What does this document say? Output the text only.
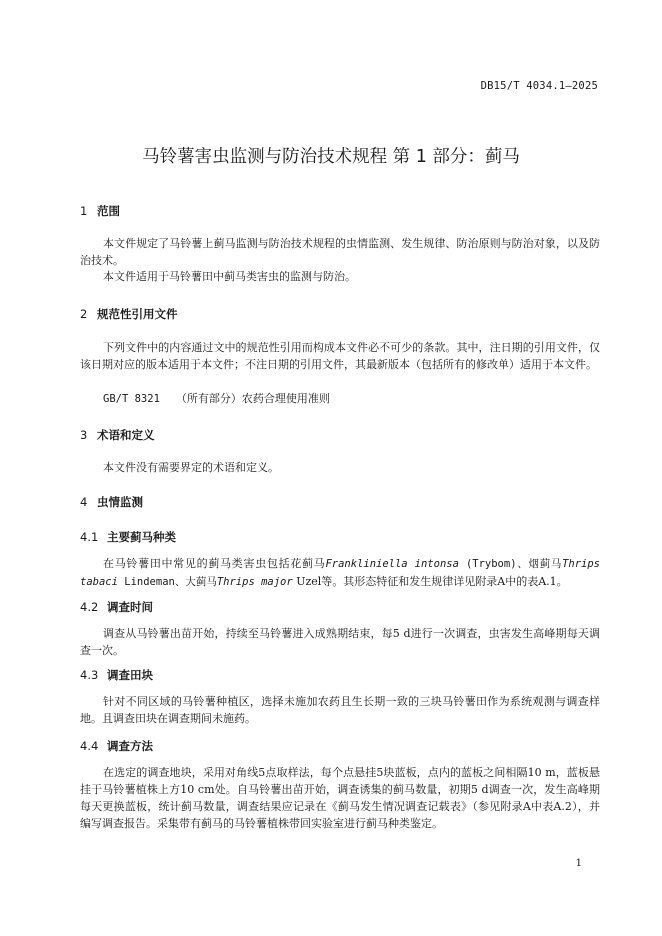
DB15/T 4034.1—2025
马铃薯害虫监测与防治技术规程 第 1 部分：蓟马
1 范围
本文件规定了马铃薯上蓟马监测与防治技术规程的虫情监测、发生规律、防治原则与防治对象，以及防治技术。
本文件适用于马铃薯田中蓟马类害虫的监测与防治。
2 规范性引用文件
下列文件中的内容通过文中的规范性引用而构成本文件必不可少的条款。其中，注日期的引用文件，仅该日期对应的版本适用于本文件；不注日期的引用文件，其最新版本（包括所有的修改单）适用于本文件。
GB/T 8321 （所有部分）农药合理使用准则
3 术语和定义
本文件没有需要界定的术语和定义。
4 虫情监测
4.1 主要蓟马种类
在马铃薯田中常见的蓟马类害虫包括花蓟马Frankliniella intonsa (Trybom)、烟蓟马Thrips tabaci Lindeman、大蓟马Thrips major Uzel等。其形态特征和发生规律详见附录A中的表A.1。
4.2 调查时间
调查从马铃薯出苗开始，持续至马铃薯进入成熟期结束，每5 d进行一次调查，虫害发生高峰期每天调查一次。
4.3 调查田块
针对不同区域的马铃薯种植区，选择未施加农药且生长期一致的三块马铃薯田作为系统观测与调查样地。且调查田块在调查期间未施药。
4.4 调查方法
在选定的调查地块，采用对角线5点取样法，每个点悬挂5块蓝板，点内的蓝板之间相隔10 m，蓝板悬挂于马铃薯植株上方10 cm处。自马铃薯出苗开始，调查诱集的蓟马数量，初期5 d调查一次，发生高峰期每天更换蓝板，统计蓟马数量，调查结果应记录在《蓟马发生情况调查记载表》（参见附录A中表A.2），并编写调查报告。采集带有蓟马的马铃薯植株带回实验室进行蓟马种类鉴定。
1
